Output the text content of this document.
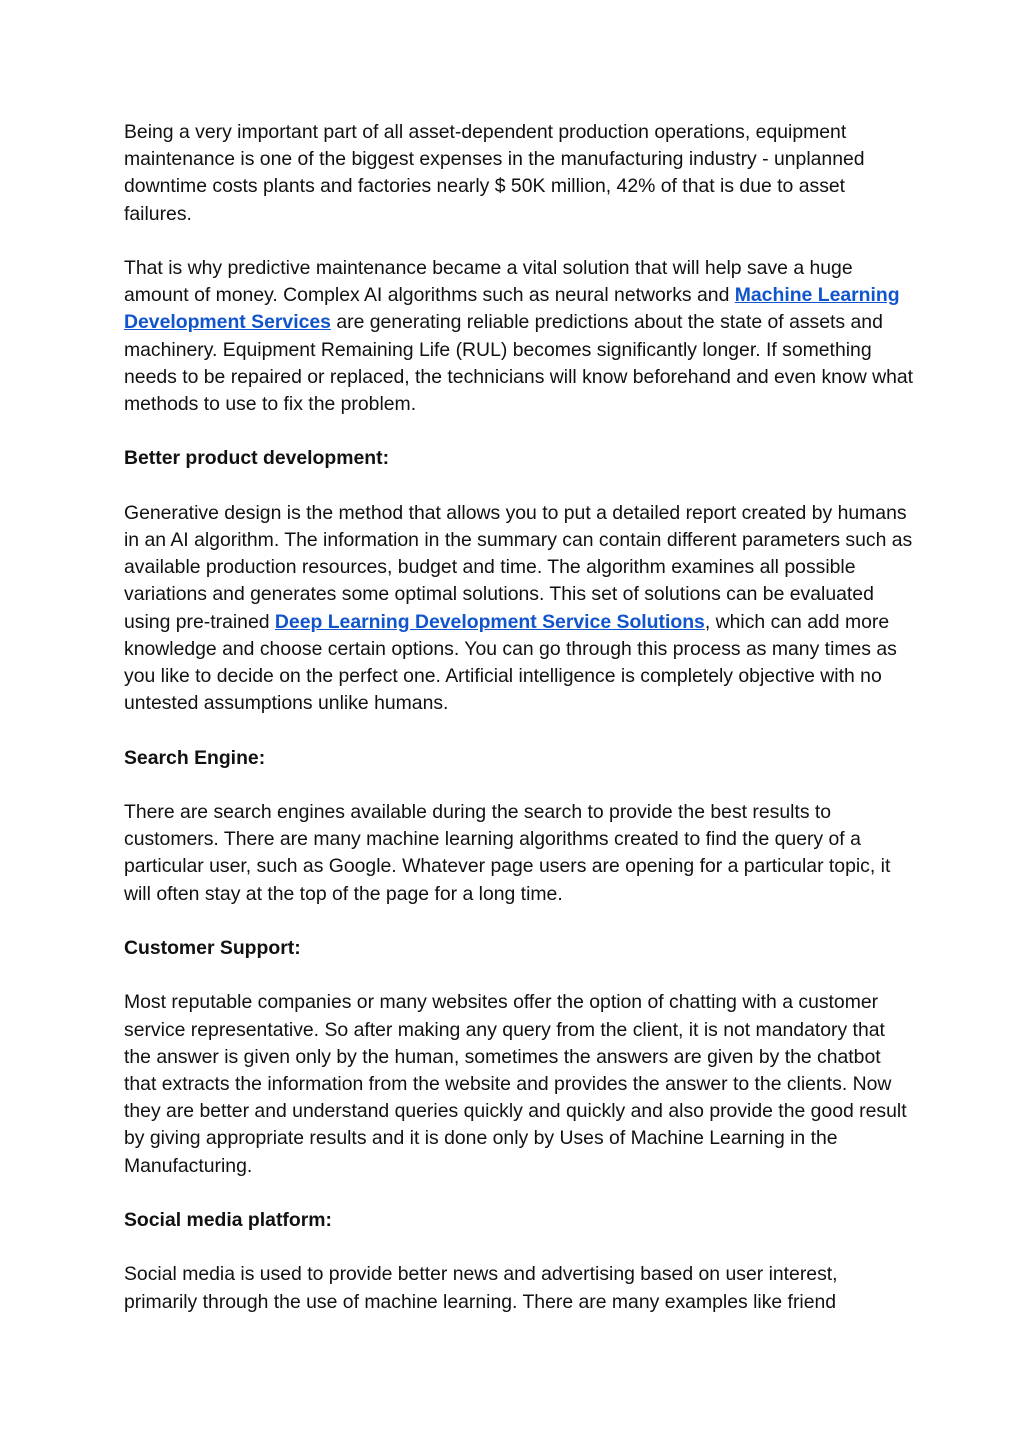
Being a very important part of all asset-dependent production operations, equipment maintenance is one of the biggest expenses in the manufacturing industry - unplanned downtime costs plants and factories nearly $ 50K million, 42% of that is due to asset failures.

That is why predictive maintenance became a vital solution that will help save a huge amount of money. Complex AI algorithms such as neural networks and Machine Learning Development Services are generating reliable predictions about the state of assets and machinery. Equipment Remaining Life (RUL) becomes significantly longer. If something needs to be repaired or replaced, the technicians will know beforehand and even know what methods to use to fix the problem.

Better product development:

Generative design is the method that allows you to put a detailed report created by humans in an AI algorithm. The information in the summary can contain different parameters such as available production resources, budget and time. The algorithm examines all possible variations and generates some optimal solutions. This set of solutions can be evaluated using pre-trained Deep Learning Development Service Solutions, which can add more knowledge and choose certain options. You can go through this process as many times as you like to decide on the perfect one. Artificial intelligence is completely objective with no untested assumptions unlike humans.

Search Engine:

There are search engines available during the search to provide the best results to customers. There are many machine learning algorithms created to find the query of a particular user, such as Google. Whatever page users are opening for a particular topic, it will often stay at the top of the page for a long time.

Customer Support:

Most reputable companies or many websites offer the option of chatting with a customer service representative. So after making any query from the client, it is not mandatory that the answer is given only by the human, sometimes the answers are given by the chatbot that extracts the information from the website and provides the answer to the clients. Now they are better and understand queries quickly and quickly and also provide the good result by giving appropriate results and it is done only by Uses of Machine Learning in the Manufacturing.

Social media platform:

Social media is used to provide better news and advertising based on user interest, primarily through the use of machine learning. There are many examples like friend
